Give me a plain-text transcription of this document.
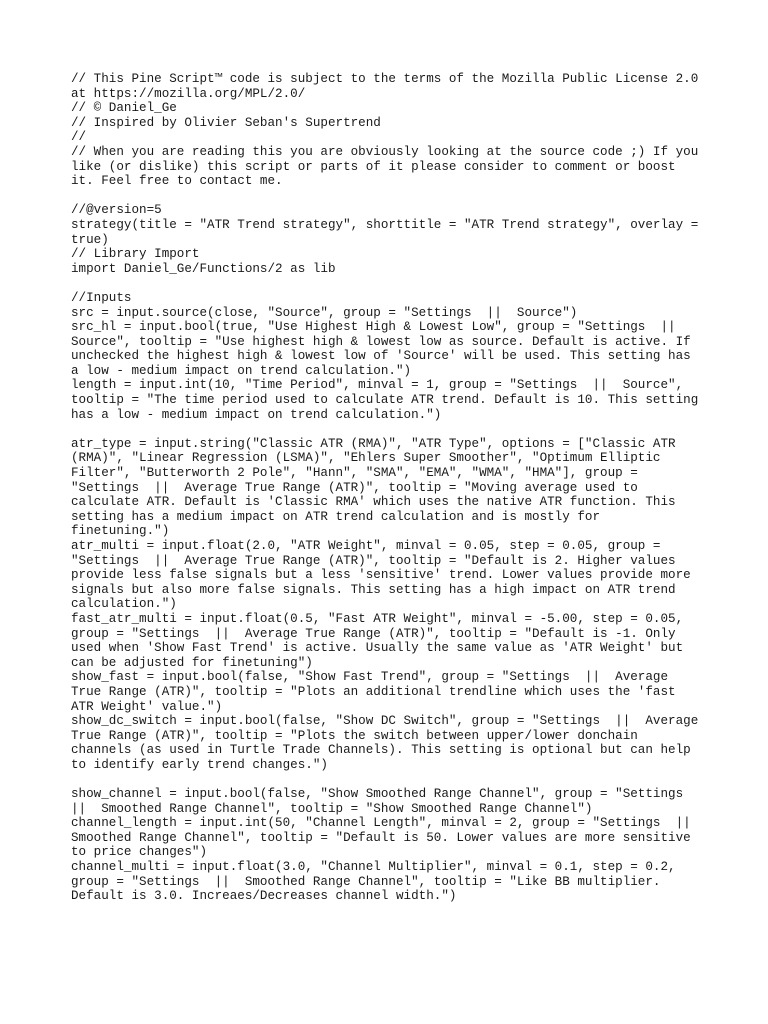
// This Pine Script™ code is subject to the terms of the Mozilla Public License 2.0
at https://mozilla.org/MPL/2.0/
// © Daniel_Ge
// Inspired by Olivier Seban's Supertrend
//
// When you are reading this you are obviously looking at the source code ;) If you
like (or dislike) this script or parts of it please consider to comment or boost
it. Feel free to contact me.
//@version=5
strategy(title = "ATR Trend strategy", shorttitle = "ATR Trend strategy", overlay =
true)
// Library Import
import Daniel_Ge/Functions/2 as lib
//Inputs
src = input.source(close, "Source", group = "Settings  ||  Source")
src_hl = input.bool(true, "Use Highest High & Lowest Low", group = "Settings  ||
Source", tooltip = "Use highest high & lowest low as source. Default is active. If
unchecked the highest high & lowest low of 'Source' will be used. This setting has
a low - medium impact on trend calculation.")
length = input.int(10, "Time Period", minval = 1, group = "Settings  ||  Source",
tooltip = "The time period used to calculate ATR trend. Default is 10. This setting
has a low - medium impact on trend calculation.")
atr_type = input.string("Classic ATR (RMA)", "ATR Type", options = ["Classic ATR
(RMA)", "Linear Regression (LSMA)", "Ehlers Super Smoother", "Optimum Elliptic
Filter", "Butterworth 2 Pole", "Hann", "SMA", "EMA", "WMA", "HMA"], group =
"Settings  ||  Average True Range (ATR)", tooltip = "Moving average used to
calculate ATR. Default is 'Classic RMA' which uses the native ATR function. This
setting has a medium impact on ATR trend calculation and is mostly for
finetuning.")
atr_multi = input.float(2.0, "ATR Weight", minval = 0.05, step = 0.05, group =
"Settings  ||  Average True Range (ATR)", tooltip = "Default is 2. Higher values
provide less false signals but a less 'sensitive' trend. Lower values provide more
signals but also more false signals. This setting has a high impact on ATR trend
calculation.")
fast_atr_multi = input.float(0.5, "Fast ATR Weight", minval = -5.00, step = 0.05,
group = "Settings  ||  Average True Range (ATR)", tooltip = "Default is -1. Only
used when 'Show Fast Trend' is active. Usually the same value as 'ATR Weight' but
can be adjusted for finetuning")
show_fast = input.bool(false, "Show Fast Trend", group = "Settings  ||  Average
True Range (ATR)", tooltip = "Plots an additional trendline which uses the 'fast
ATR Weight' value.")
show_dc_switch = input.bool(false, "Show DC Switch", group = "Settings  ||  Average
True Range (ATR)", tooltip = "Plots the switch between upper/lower donchain
channels (as used in Turtle Trade Channels). This setting is optional but can help
to identify early trend changes.")
show_channel = input.bool(false, "Show Smoothed Range Channel", group = "Settings
||  Smoothed Range Channel", tooltip = "Show Smoothed Range Channel")
channel_length = input.int(50, "Channel Length", minval = 2, group = "Settings  ||
Smoothed Range Channel", tooltip = "Default is 50. Lower values are more sensitive
to price changes")
channel_multi = input.float(3.0, "Channel Multiplier", minval = 0.1, step = 0.2,
group = "Settings  ||  Smoothed Range Channel", tooltip = "Like BB multiplier.
Default is 3.0. Increaes/Decreases channel width.")
